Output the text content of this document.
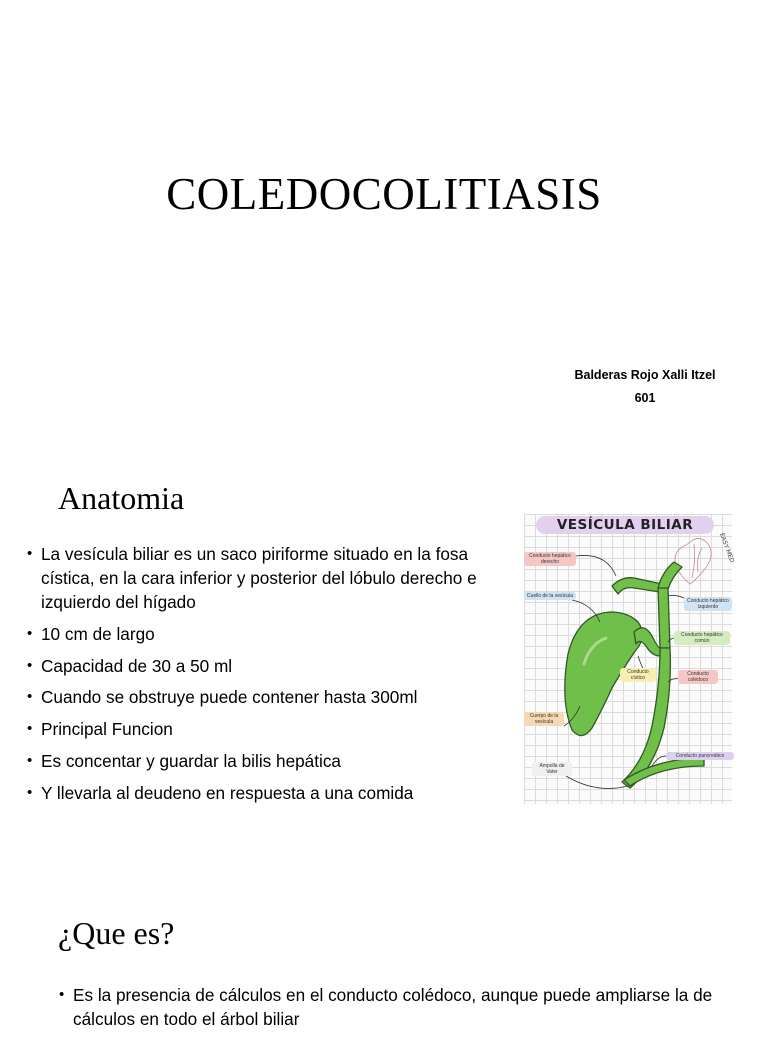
COLEDOCOLITIASIS
Balderas Rojo Xalli Itzel
601
Anatomia
• La vesícula biliar es un saco piriforme situado en la fosa cística, en la cara inferior y posterior del lóbulo derecho e izquierdo del hígado
• 10 cm de largo
• Capacidad de 30 a 50 ml
• Cuando se obstruye puede contener hasta 300ml
• Principal Funcion
• Es concentar y guardar la bilis hepática
• Y llevarla al deudeno en respuesta a una comida
VESÍCULA BILIAR
EASY MED
Conducto hepático derecho
Conducto hepático izquierdo
Cuello de la vesícula
Conducto hepático común
Conducto cístico
Conducto colédoco
Cuerpo de la vesícula
Ampolla de Vater
Conducto pancreático
¿Que es?
• Es la presencia de cálculos en el conducto colédoco, aunque puede ampliarse la de cálculos en todo el árbol biliar
